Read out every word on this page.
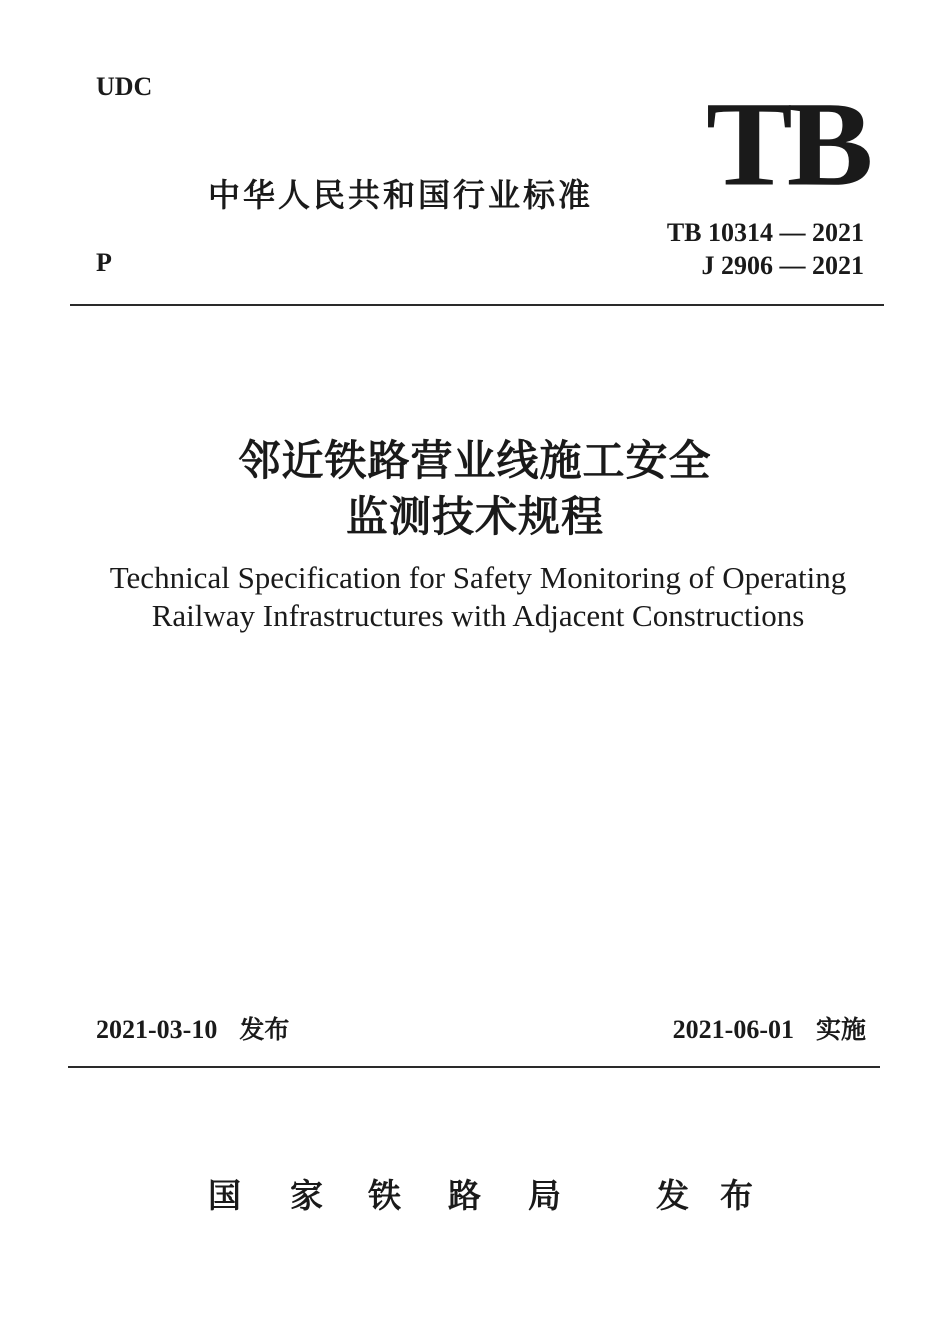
UDC
中华人民共和国行业标准 TB
TB 10314 — 2021
J 2906 — 2021
P
邻近铁路营业线施工安全
监测技术规程
Technical Specification for Safety Monitoring of Operating
Railway Infrastructures with Adjacent Constructions
2021-03-10 发布	2021-06-01 实施
国 家 铁 路 局	发 布
